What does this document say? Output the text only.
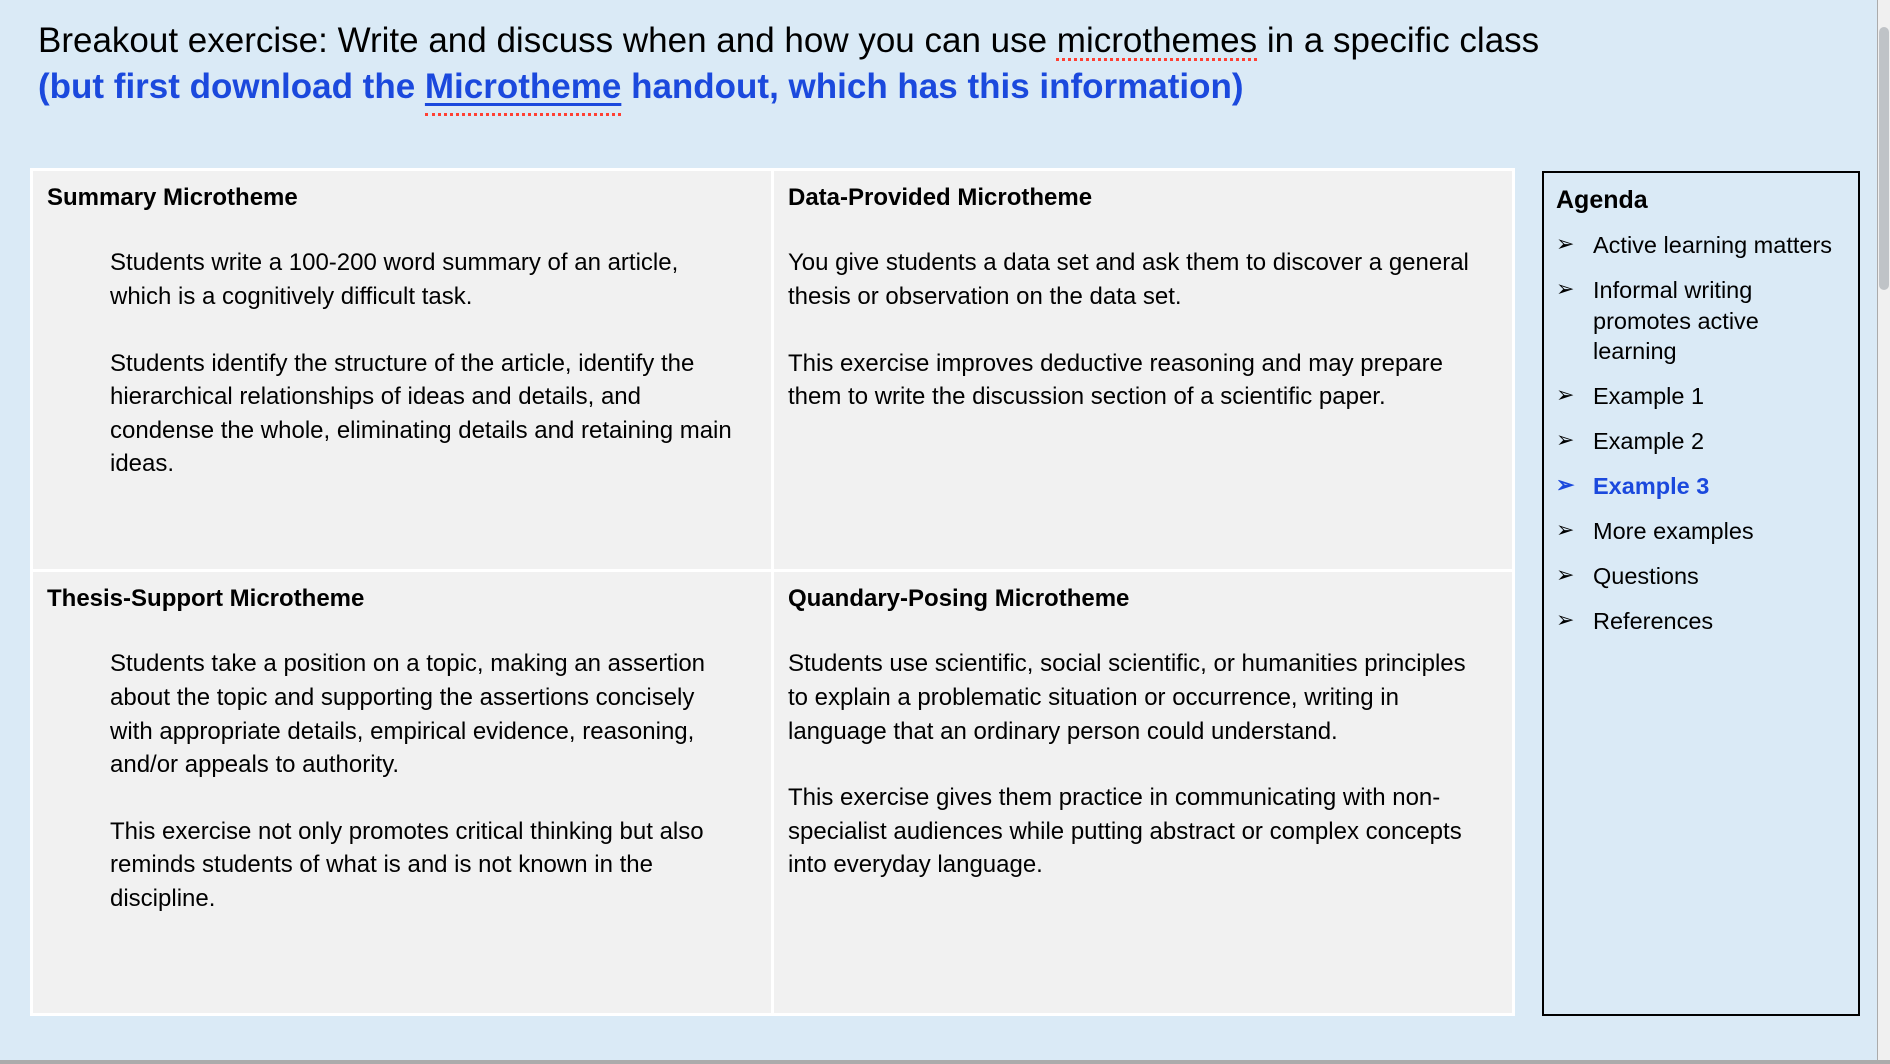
Breakout exercise: Write and discuss when and how you can use microthemes in a specific class
(but first download the Microtheme handout, which has this information)
Summary Microtheme

Students write a 100-200 word summary of an article, which is a cognitively difficult task.

Students identify the structure of the article, identify the hierarchical relationships of ideas and details, and condense the whole, eliminating details and retaining main ideas.

Data-Provided Microtheme

You give students a data set and ask them to discover a general thesis or observation on the data set.

This exercise improves deductive reasoning and may prepare them to write the discussion section of a scientific paper.

Thesis-Support Microtheme

Students take a position on a topic, making an assertion about the topic and supporting the assertions concisely with appropriate details, empirical evidence, reasoning, and/or appeals to authority.

This exercise not only promotes critical thinking but also reminds students of what is and is not known in the discipline.

Quandary-Posing Microtheme

Students use scientific, social scientific, or humanities principles to explain a problematic situation or occurrence, writing in language that an ordinary person could understand.

This exercise gives them practice in communicating with non-specialist audiences while putting abstract or complex concepts into everyday language.

Agenda
➢ Active learning matters
➢ Informal writing promotes active learning
➢ Example 1
➢ Example 2
➢ Example 3
➢ More examples
➢ Questions
➢ References
